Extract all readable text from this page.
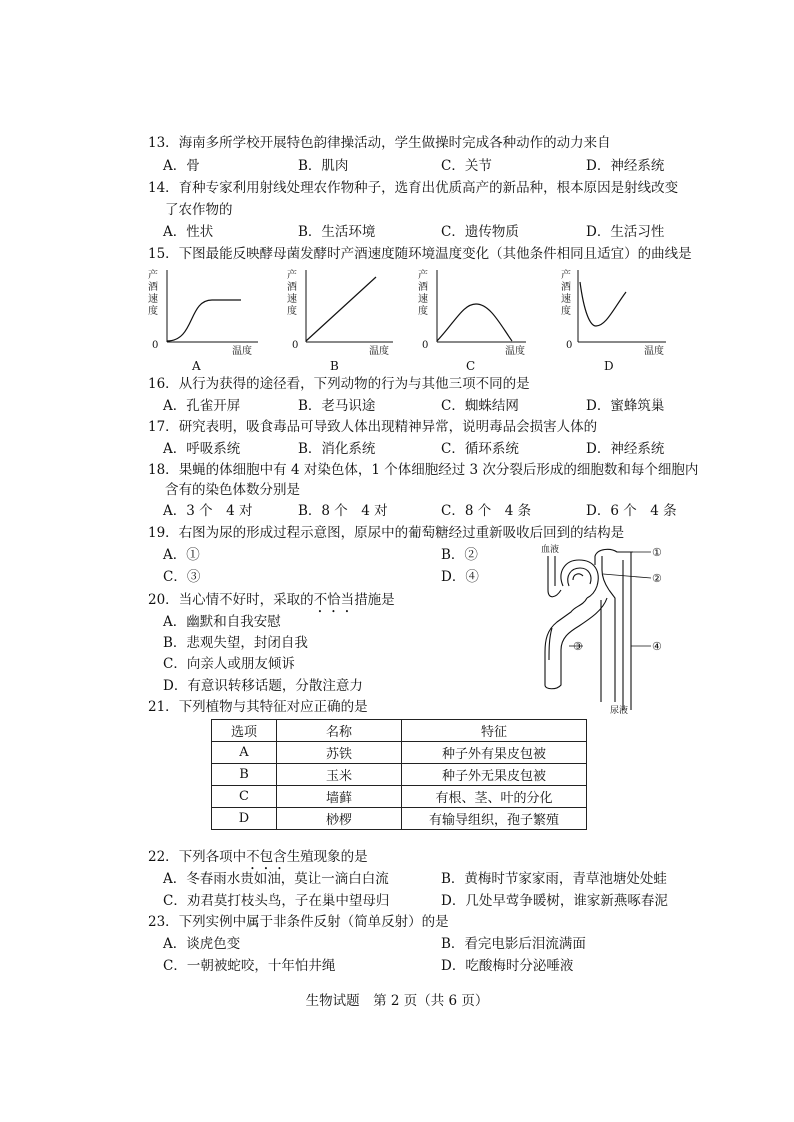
13．海南多所学校开展特色韵律操活动，学生做操时完成各种动作的动力来自
A．骨	B．肌肉	C．关节	D．神经系统
14．育种专家利用射线处理农作物种子，选育出优质高产的新品种，根本原因是射线改变
了农作物的
A．性状	B．生活环境	C．遗传物质	D．生活习性
15．下图最能反映酵母菌发酵时产酒速度随环境温度变化（其他条件相同且适宜）的曲线是
产
酒
速
度
0
温度
A
产
酒
速
度
0
温度
B
产
酒
速
度
0
温度
C
产
酒
速
度
0
温度
D
16．从行为获得的途径看，下列动物的行为与其他三项不同的是
A．孔雀开屏	B．老马识途	C．蜘蛛结网	D．蜜蜂筑巢
17．研究表明，吸食毒品可导致人体出现精神异常，说明毒品会损害人体的
A．呼吸系统	B．消化系统	C．循环系统	D．神经系统
18．果蝇的体细胞中有 4 对染色体，1 个体细胞经过 3 次分裂后形成的细胞数和每个细胞内
含有的染色体数分别是
A．3 个　4 对	B．8 个　4 对	C．8 个　4 条	D．6 个　4 条
19．右图为尿的形成过程示意图，原尿中的葡萄糖经过重新吸收后回到的结构是
A．①	B．②
C．③	D．④
血液
尿液
①
②
③	④
20．当心情不好时，采取的不恰当措施是
A．幽默和自我安慰
B．悲观失望，封闭自我
C．向亲人或朋友倾诉
D．有意识转移话题，分散注意力
21．下列植物与其特征对应正确的是
选项	名称	特征
A	苏铁	种子外有果皮包被
B	玉米	种子外无果皮包被
C	墙藓	有根、茎、叶的分化
D	桫椤	有输导组织，孢子繁殖
22．下列各项中不包含生殖现象的是
A．冬春雨水贵如油，莫让一滴白白流	B．黄梅时节家家雨，青草池塘处处蛙
C．劝君莫打枝头鸟，子在巢中望母归	D．几处早莺争暖树，谁家新燕啄春泥
23．下列实例中属于非条件反射（简单反射）的是
A．谈虎色变	B．看完电影后泪流满面
C．一朝被蛇咬，十年怕井绳	D．吃酸梅时分泌唾液
生物试题　第 2 页（共 6 页）
